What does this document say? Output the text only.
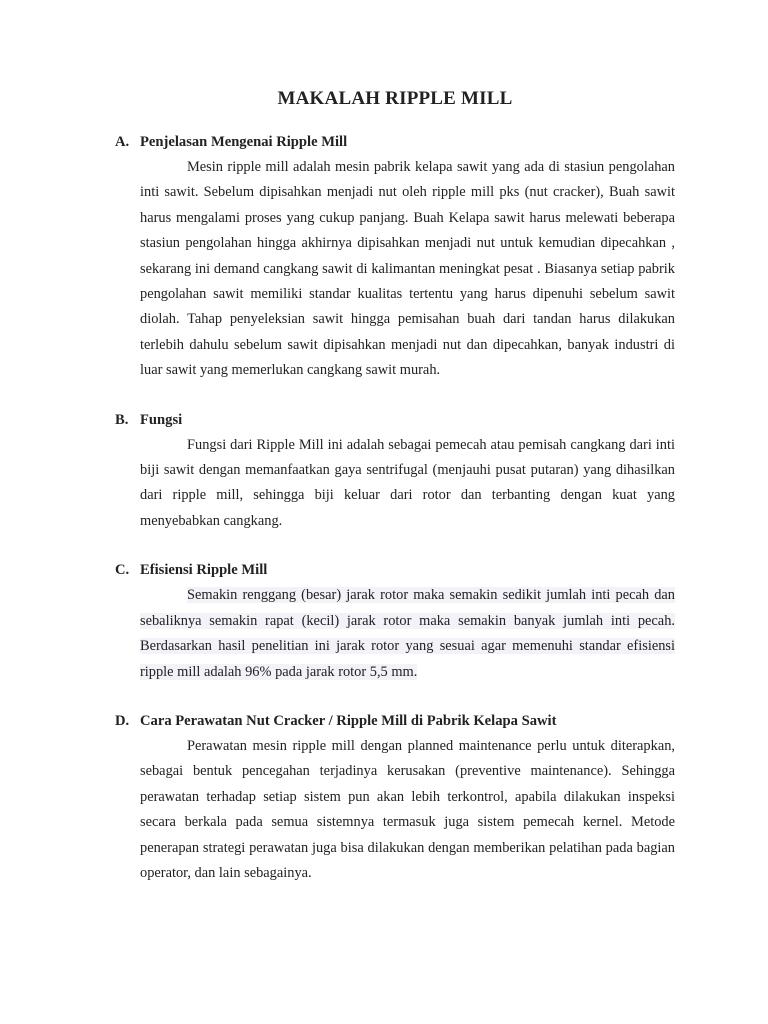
MAKALAH RIPPLE MILL
A. Penjelasan Mengenai Ripple Mill

Mesin ripple mill adalah mesin pabrik kelapa sawit yang ada di stasiun pengolahan inti sawit. Sebelum dipisahkan menjadi nut oleh ripple mill pks (nut cracker), Buah sawit harus mengalami proses yang cukup panjang. Buah Kelapa sawit harus melewati beberapa stasiun pengolahan hingga akhirnya dipisahkan menjadi nut untuk kemudian dipecahkan , sekarang ini demand cangkang sawit di kalimantan meningkat pesat . Biasanya setiap pabrik pengolahan sawit memiliki standar kualitas tertentu yang harus dipenuhi sebelum sawit diolah. Tahap penyeleksian sawit hingga pemisahan buah dari tandan harus dilakukan terlebih dahulu sebelum sawit dipisahkan menjadi nut dan dipecahkan, banyak industri di luar sawit yang memerlukan cangkang sawit murah.

B. Fungsi

Fungsi dari Ripple Mill ini adalah sebagai pemecah atau pemisah cangkang dari inti biji sawit dengan memanfaatkan gaya sentrifugal (menjauhi pusat putaran) yang dihasilkan dari ripple mill, sehingga biji keluar dari rotor dan terbanting dengan kuat yang menyebabkan cangkang.

C. Efisiensi Ripple Mill

Semakin renggang (besar) jarak rotor maka semakin sedikit jumlah inti pecah dan sebaliknya semakin rapat (kecil) jarak rotor maka semakin banyak jumlah inti pecah. Berdasarkan hasil penelitian ini jarak rotor yang sesuai agar memenuhi standar efisiensi ripple mill adalah 96% pada jarak rotor 5,5 mm.

D. Cara Perawatan Nut Cracker / Ripple Mill di Pabrik Kelapa Sawit

Perawatan mesin ripple mill dengan planned maintenance perlu untuk diterapkan, sebagai bentuk pencegahan terjadinya kerusakan (preventive maintenance). Sehingga perawatan terhadap setiap sistem pun akan lebih terkontrol, apabila dilakukan inspeksi secara berkala pada semua sistemnya termasuk juga sistem pemecah kernel. Metode penerapan strategi perawatan juga bisa dilakukan dengan memberikan pelatihan pada bagian operator, dan lain sebagainya.
